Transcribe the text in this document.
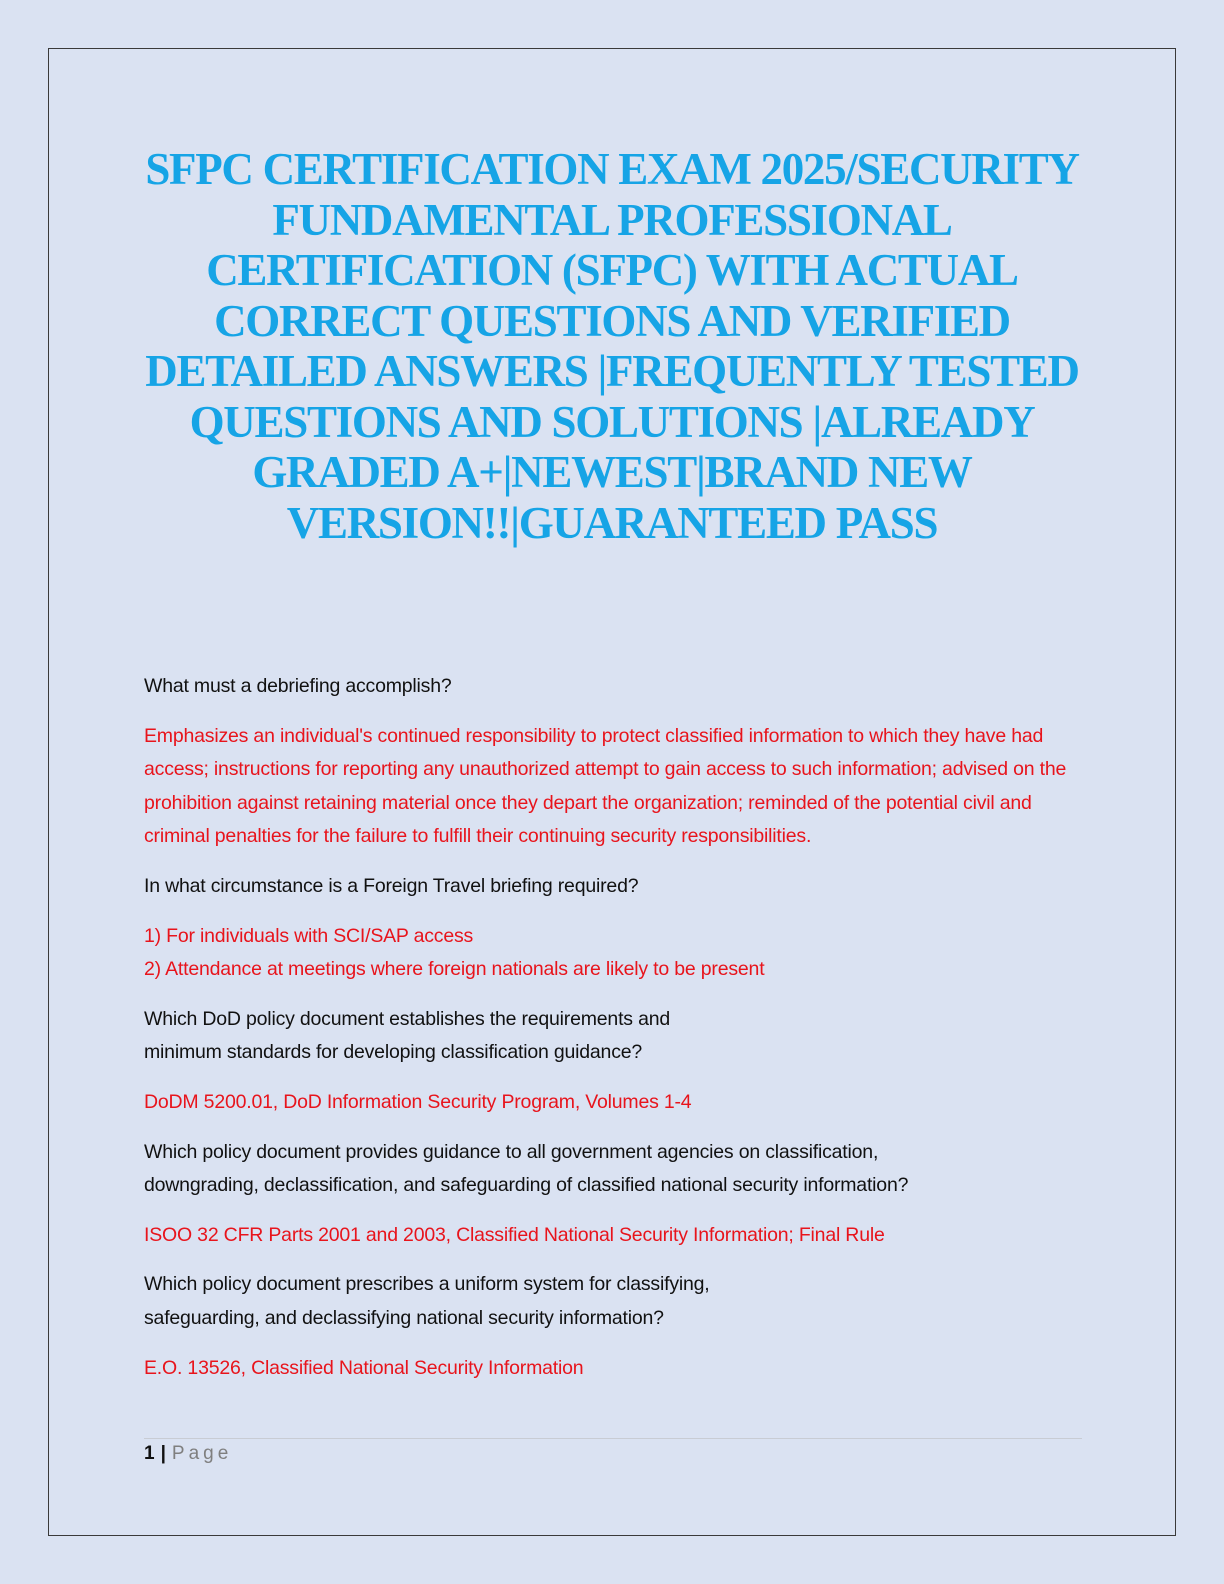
SFPC CERTIFICATION EXAM 2025/SECURITY FUNDAMENTAL PROFESSIONAL CERTIFICATION (SFPC) WITH ACTUAL CORRECT QUESTIONS AND VERIFIED DETAILED ANSWERS |FREQUENTLY TESTED QUESTIONS AND SOLUTIONS |ALREADY GRADED A+|NEWEST|BRAND NEW VERSION!!|GUARANTEED PASS

What must a debriefing accomplish?

Emphasizes an individual's continued responsibility to protect classified information to which they have had access; instructions for reporting any unauthorized attempt to gain access to such information; advised on the prohibition against retaining material once they depart the organization; reminded of the potential civil and criminal penalties for the failure to fulfill their continuing security responsibilities.

In what circumstance is a Foreign Travel briefing required?

1) For individuals with SCI/SAP access
2) Attendance at meetings where foreign nationals are likely to be present

Which DoD policy document establishes the requirements and
minimum standards for developing classification guidance?

DoDM 5200.01, DoD Information Security Program, Volumes 1-4

Which policy document provides guidance to all government agencies on classification,
downgrading, declassification, and safeguarding of classified national security information?

ISOO 32 CFR Parts 2001 and 2003, Classified National Security Information; Final Rule

Which policy document prescribes a uniform system for classifying,
safeguarding, and declassifying national security information?

E.O. 13526, Classified National Security Information

1 | Page
